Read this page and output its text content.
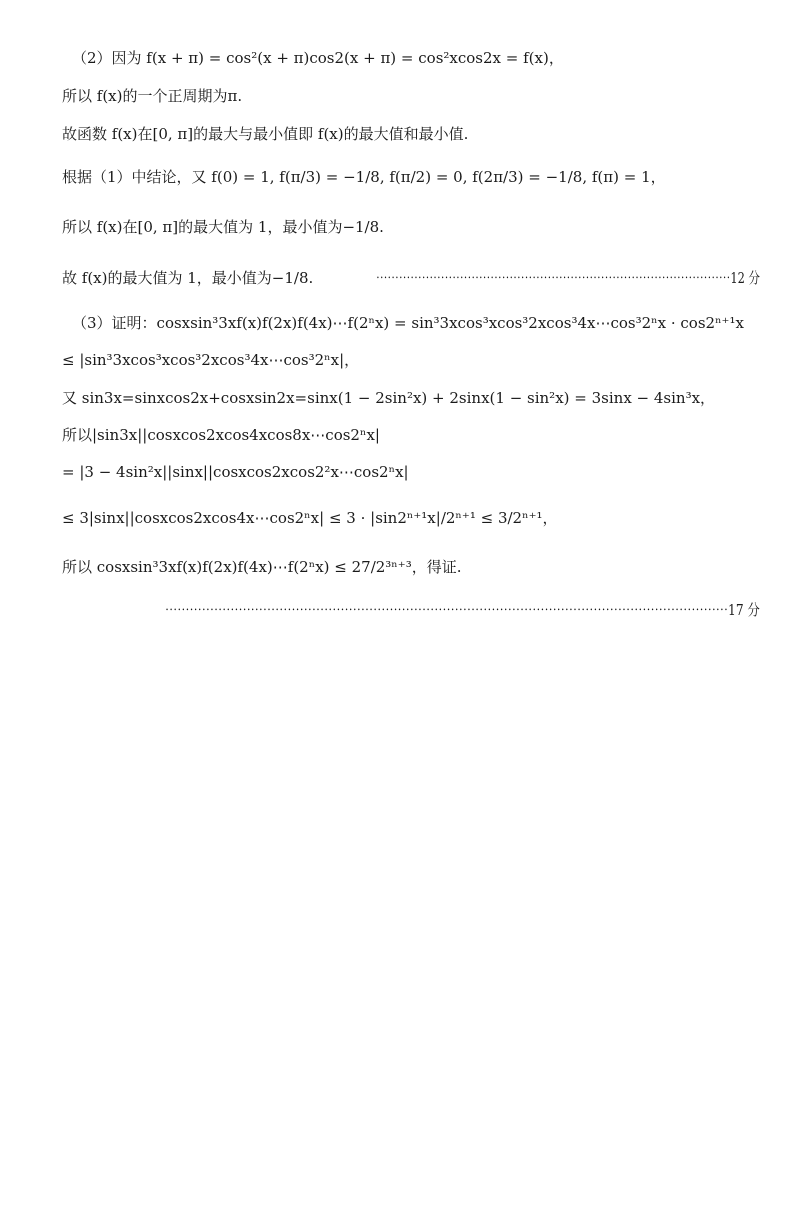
（2）因为 f(x + π) = cos²(x + π)cos2(x + π) = cos²xcos2x = f(x)，
所以 f(x)的一个正周期为π.
故函数 f(x)在[0, π]的最大与最小值即 f(x)的最大值和最小值.
根据（1）中结论，又 f(0) = 1, f(π/3) = −1/8, f(π/2) = 0, f(2π/3) = −1/8, f(π) = 1，
所以 f(x)在[0, π]的最大值为 1，最小值为−1/8.
故 f(x)的最大值为 1，最小值为−1/8.	⋯⋯⋯⋯⋯⋯⋯⋯⋯⋯⋯⋯⋯⋯⋯⋯⋯⋯⋯⋯⋯⋯⋯⋯⋯⋯⋯⋯⋯⋯⋯12 分
（3）证明：cosxsin³3xf(x)f(2x)f(4x)⋯f(2ⁿx) = sin³3xcos³xcos³2xcos³4x⋯cos³2ⁿx · cos2ⁿ⁺¹x
≤ |sin³3xcos³xcos³2xcos³4x⋯cos³2ⁿx|，
又 sin3x=sinxcos2x+cosxsin2x=sinx(1 − 2sin²x) + 2sinx(1 − sin²x) = 3sinx − 4sin³x，
所以|sin3x||cosxcos2xcos4xcos8x⋯cos2ⁿx|
= |3 − 4sin²x||sinx||cosxcos2xcos2²x⋯cos2ⁿx|
≤ 3|sinx||cosxcos2xcos4x⋯cos2ⁿx| ≤ 3 · |sin2ⁿ⁺¹x|/2ⁿ⁺¹ ≤ 3/2ⁿ⁺¹，
所以 cosxsin³3xf(x)f(2x)f(4x)⋯f(2ⁿx) ≤ 27/2³ⁿ⁺³，得证.
⋯⋯⋯⋯⋯⋯⋯⋯⋯⋯⋯⋯⋯⋯⋯⋯⋯⋯⋯⋯⋯⋯⋯⋯⋯⋯⋯⋯⋯⋯⋯⋯⋯⋯⋯⋯⋯⋯⋯⋯⋯⋯⋯⋯⋯⋯17 分
